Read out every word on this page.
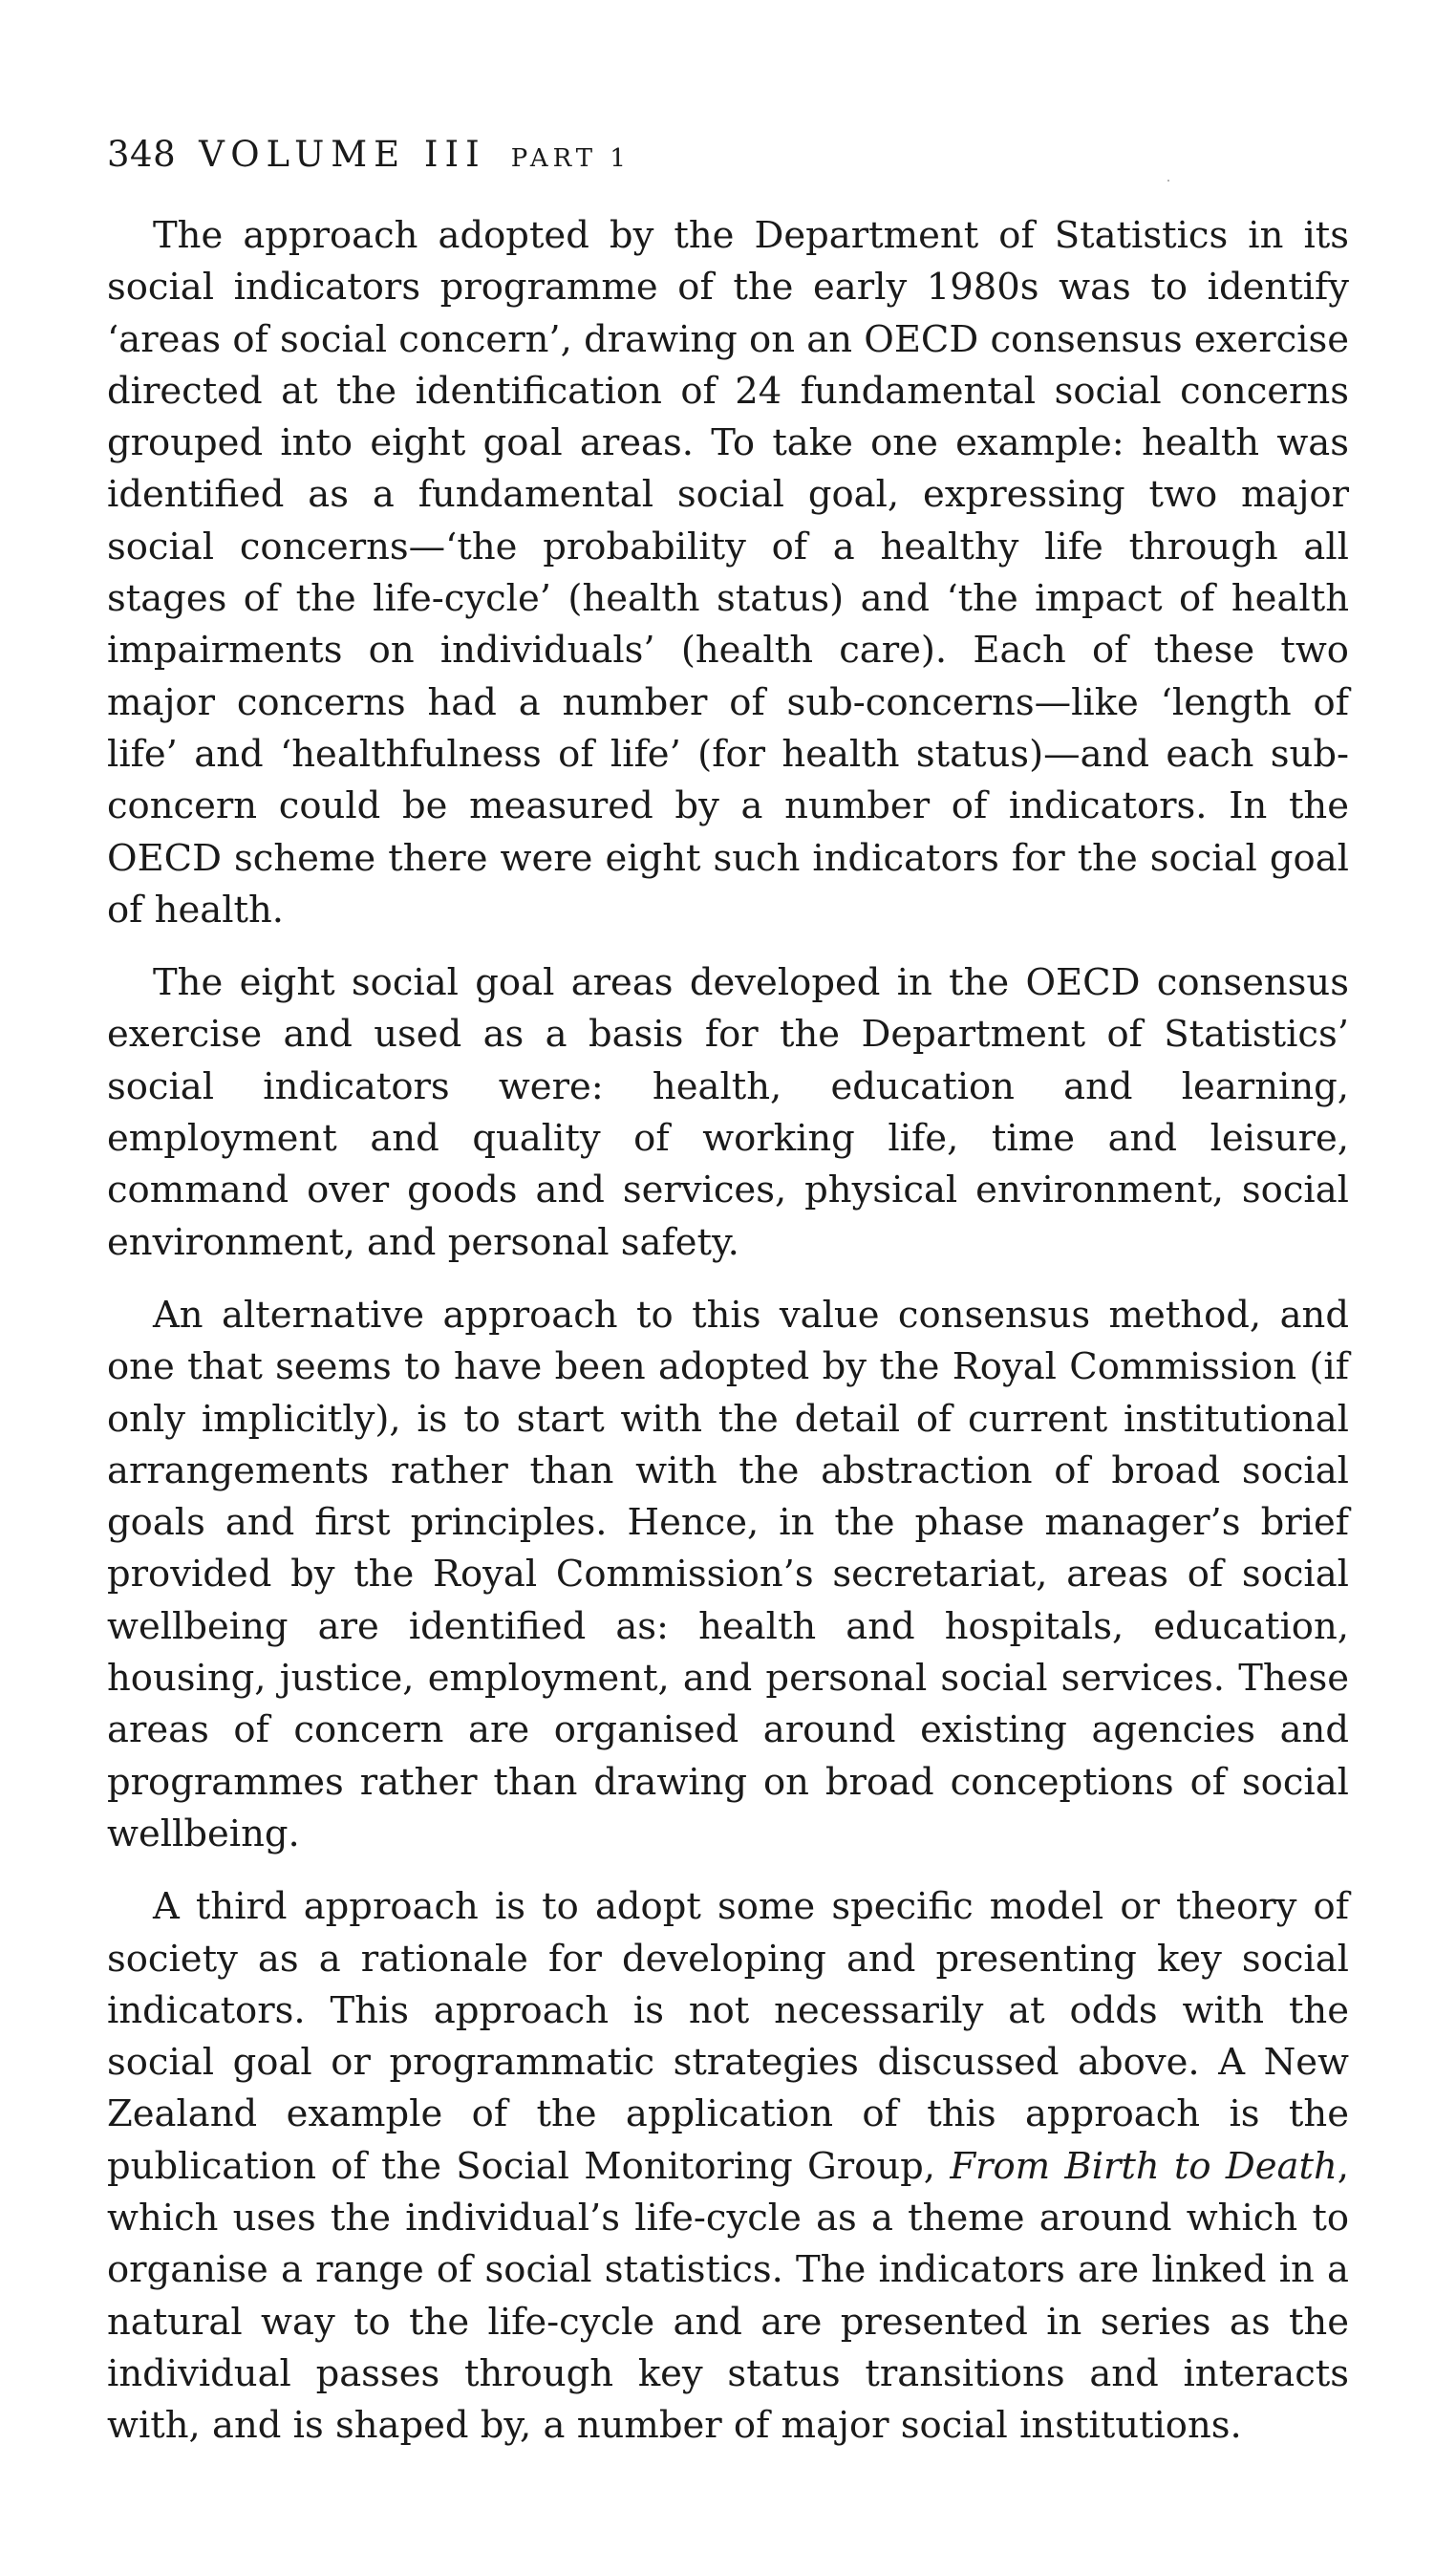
348 VOLUME III PART 1

The approach adopted by the Department of Statistics in its social indicators programme of the early 1980s was to identify ‘areas of social concern’, drawing on an OECD consensus exercise directed at the identification of 24 fundamental social concerns grouped into eight goal areas. To take one example: health was identified as a fundamental social goal, expressing two major social concerns—‘the probability of a healthy life through all stages of the life-cycle’ (health status) and ‘the impact of health impairments on individuals’ (health care). Each of these two major concerns had a number of sub-concerns—like ‘length of life’ and ‘healthfulness of life’ (for health status)—and each sub-concern could be measured by a number of indicators. In the OECD scheme there were eight such indicators for the social goal of health.

The eight social goal areas developed in the OECD consensus exercise and used as a basis for the Department of Statistics’ social indicators were: health, education and learning, employment and quality of working life, time and leisure, command over goods and services, physical environment, social environment, and personal safety.

An alternative approach to this value consensus method, and one that seems to have been adopted by the Royal Commission (if only implicitly), is to start with the detail of current institutional arrangements rather than with the abstraction of broad social goals and first principles. Hence, in the phase manager’s brief provided by the Royal Commission’s secretariat, areas of social wellbeing are identified as: health and hospitals, education, housing, justice, employment, and personal social services. These areas of concern are organised around existing agencies and programmes rather than drawing on broad conceptions of social wellbeing.

A third approach is to adopt some specific model or theory of society as a rationale for developing and presenting key social indicators. This approach is not necessarily at odds with the social goal or programmatic strategies discussed above. A New Zealand example of the application of this approach is the publication of the Social Monitoring Group, From Birth to Death, which uses the individual’s life-cycle as a theme around which to organise a range of social statistics. The indicators are linked in a natural way to the life-cycle and are presented in series as the individual passes through key status transitions and interacts with, and is shaped by, a number of major social institutions.
